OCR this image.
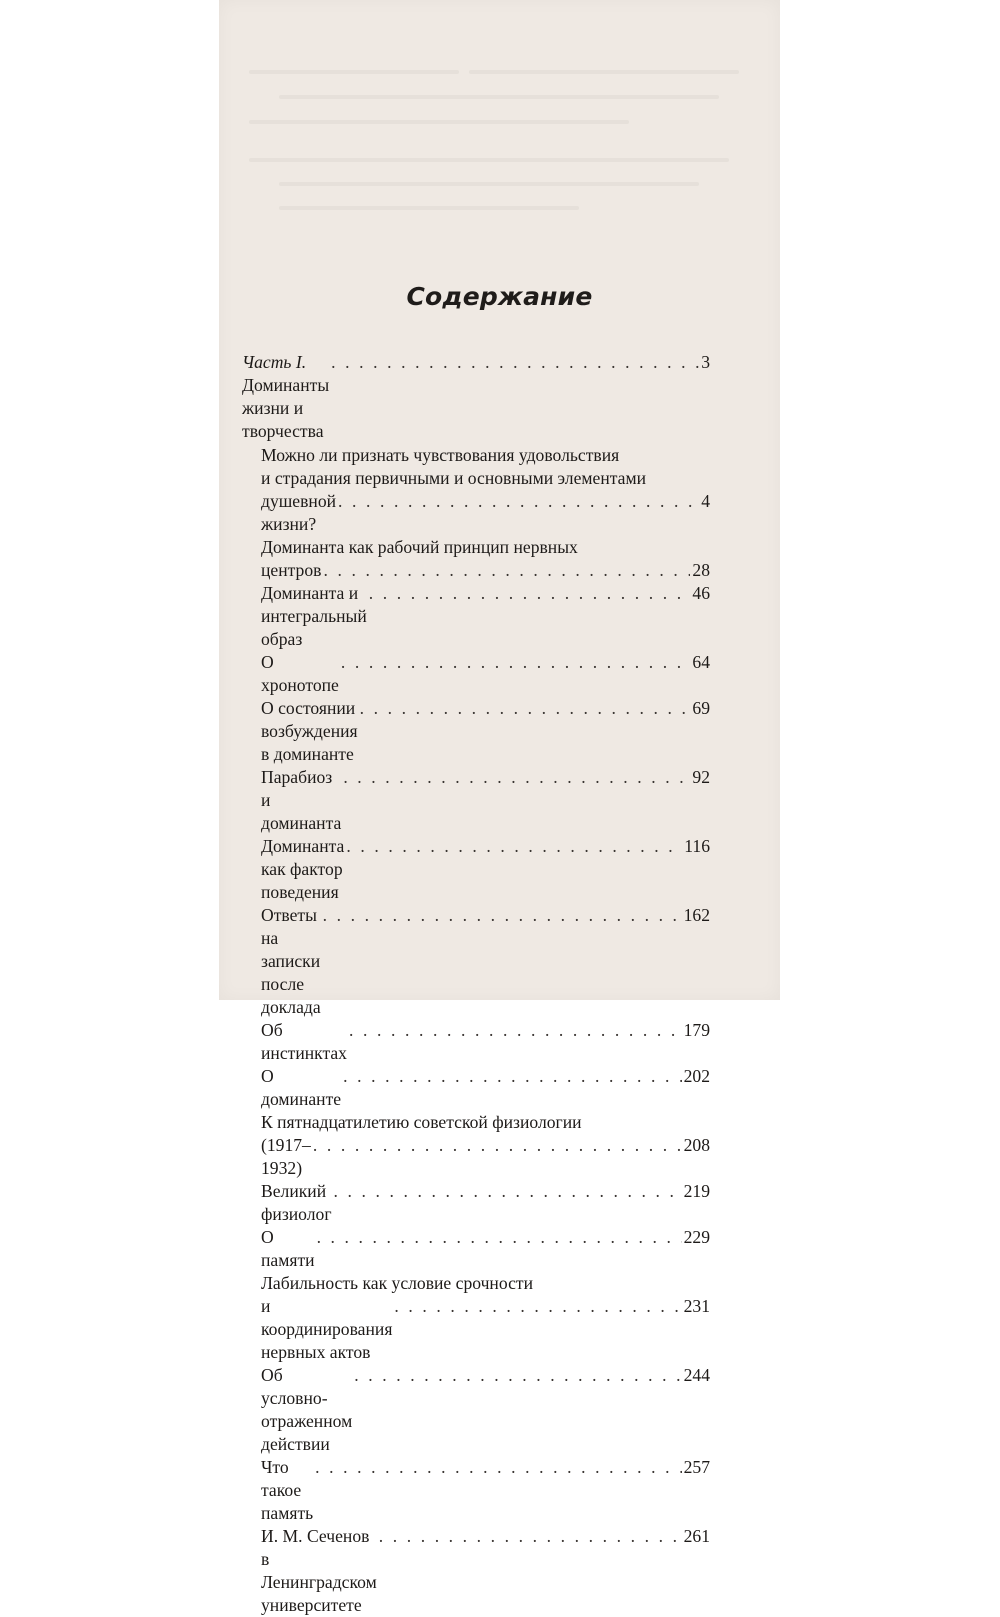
Содержание
Часть I. Доминанты жизни и творчества
. . .
3
Можно ли признать чувствования удовольствия
и страдания первичными и основными элементами
душевной жизни?
. . .
4
Доминанта как рабочий принцип нервных
центров
. . .	28
Доминанта и интегральный образ
. . .
46
О хронотопе
. . .
64
О состоянии возбуждения в доминанте
. . .
69
Парабиоз и доминанта
. . .
92
Доминанта как фактор поведения
. . .
116
Ответы на записки после доклада
. . .
162
Об инстинктах
. . .
179
О доминанте
. . .
202
К пятнадцатилетию советской физиологии
(1917–1932)
. . .
208
Великий физиолог
. . .
219
О памяти
. . .
229
Лабильность как условие срочности
и координирования нервных актов
. . .
231
Об условно-отраженном действии
. . .
244
Что такое память
. . .
257
И. М. Сеченов в Ленинградском университете
. . .
261
